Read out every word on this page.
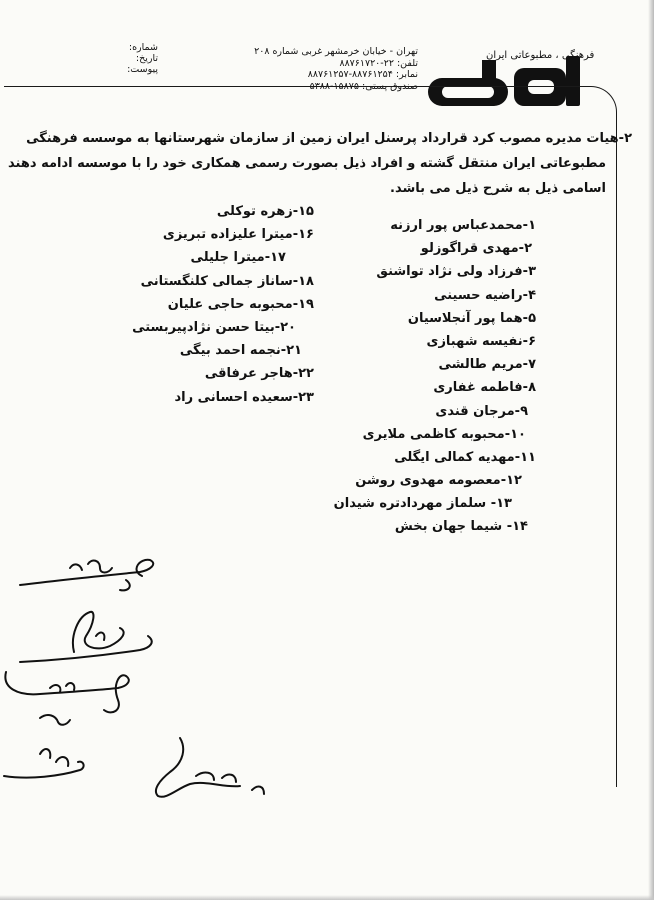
فرهنگی ، مطبوعاتی ایران
تهران - خیابان خرمشهر غربی شماره ۲۰۸
تلفن: ۲۲-۸۸۷۶۱۷۲۰
نمابر: ۸۸۷۶۱۲۵۴-۸۸۷۶۱۲۵۷
صندوق پستی: ۱۵۸۷۵-۵۳۸۸
شماره:
تاریخ:
پیوست:

۲-هیات مدیره مصوب کرد قرارداد پرسنل ایران زمین از سازمان شهرستانها به موسسه فرهنگی

مطبوعاتی ایران منتقل گشته و افراد ذیل بصورت رسمی همکاری خود را با موسسه ادامه دهند

اسامی ذیل به شرح ذیل می باشد.

۱-محمدعباس پور ارزنه
۲-مهدی قراگوزلو
۳-فرزاد ولی نژاد تواشنق
۴-راضیه حسینی
۵-هما پور آنجلاسیان
۶-نفیسه شهبازی
۷-مریم طالشی
۸-فاطمه غفاری
۹-مرجان قندی
۱۰-محبوبه کاظمی ملایری
۱۱-مهدیه کمالی ایگلی
۱۲-معصومه مهدوی روشن
۱۳- سلماز مهردادتره شیدان
۱۴- شیما جهان بخش
۱۵-زهره توکلی
۱۶-میترا علیزاده تبریزی
۱۷-میترا جلیلی
۱۸-ساناز جمالی کلنگستانی
۱۹-محبوبه حاجی علیان
۲۰-بیتا حسن نژادپیربستی
۲۱-نجمه احمد بیگی
۲۲-هاجر عرفاقی
۲۳-سعیده احسانی راد
